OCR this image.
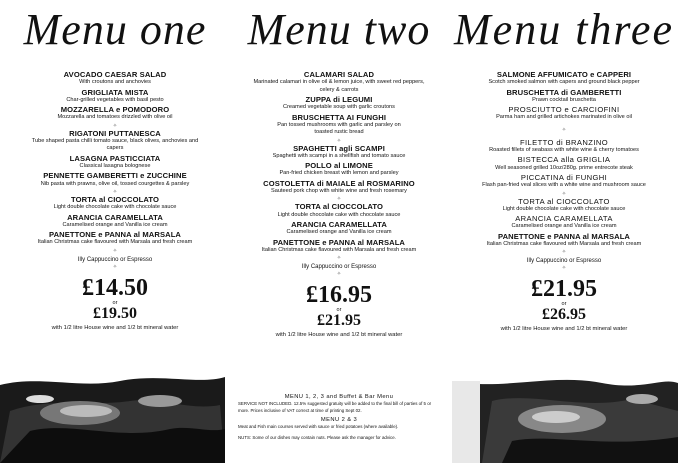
Menu one
AVOCADO CAESAR SALAD
With croutons and anchovies
GRIGLIATA MISTA
Char-grilled vegetables with basil pesto
MOZZARELLA e POMODORO
Mozzarella and tomatoes drizzled with olive oil
✧
RIGATONI PUTTANESCA
Tube shaped pasta chilli tomato sauce, black olives, anchovies and capers
LASAGNA PASTICCIATA
Classical lasagna bolognese
PENNETTE GAMBERETTI e ZUCCHINE
Nib pasta with prawns, olive oil, tossed courgettes & parsley
✧
TORTA al CIOCCOLATO
Light double chocolate cake with chocolate sauce
ARANCIA CARAMELLATA
Caramelised orange and Vanilla ice cream
PANETTONE e PANNA al MARSALA
Italian Christmas cake flavoured with Marsala and fresh cream
✧
Illy Cappuccino or Espresso
✧
£14.50
or
£19.50
with 1/2 litre House wine and 1/2 bt mineral water
Menu two
CALAMARI SALAD
Marinated calamari in olive oil & lemon juice, with sweet red peppers, celery & carrots
ZUPPA di LEGUMI
Creamed vegetable soup with garlic croutons
BRUSCHETTA AI FUNGHI
Pan tossed mushrooms with garlic and parsley on toasted rustic bread
✧
SPAGHETTI agli SCAMPI
Spaghetti with scampi in a shellfish and tomato sauce
POLLO al LIMONE
Pan-fried chicken breast with lemon and parsley
COSTOLETTA di MAIALE al ROSMARINO
Sauteed pork chop with white wine and fresh rosemary
✧
TORTA al CIOCCOLATO
Light double chocolate cake with chocolate sauce
ARANCIA CARAMELLATA
Caramelised orange and Vanilla ice cream
PANETTONE e PANNA al MARSALA
Italian Christmas cake flavoured with Marsala and fresh cream
✧
Illy Cappuccino or Espresso
✧
£16.95
or
£21.95
with 1/2 litre House wine and 1/2 bt mineral water
Menu three
SALMONE AFFUMICATO e CAPPERI
Scotch smoked salmon with capers and ground black pepper
BRUSCHETTA di GAMBERETTI
Prawn cocktail bruschetta
PROSCIUTTO e CARCIOFINI
Parma ham and grilled artichokes marinated in olive oil
✧
FILETTO di BRANZINO
Roasted fillets of seabass with white wine & cherry tomatoes
BISTECCA alla GRIGLIA
Well seasoned grilled 10oz/280g. prime entrecote steak
PICCATINA di FUNGHI
Flash pan-fried veal slices with a white wine and mushroom sauce
✧
TORTA al CIOCCOLATO
Light double chocolate cake with chocolate sauce
ARANCIA CARAMELLATA
Caramelised orange and Vanilla ice cream
PANETTONE e PANNA al MARSALA
Italian Christmas cake flavoured with Marsala and fresh cream
✧
Illy Cappuccino or Espresso
✧
£21.95
or
£26.95
with 1/2 litre House wine and 1/2 bt mineral water
MENU 1, 2, 3 and Buffet & Bar Menu
SERVICE NOT INCLUDED. 12.5% suggested gratuity will be added to the final bill of parties of 5 or more. Prices inclusive of VAT correct at time of printing Sept 02.
MENU 2 & 3
Meat and Fish main courses served with sauce or fried potatoes (where available).
NUTS: Some of our dishes may contain nuts. Please ask the manager for advice.
